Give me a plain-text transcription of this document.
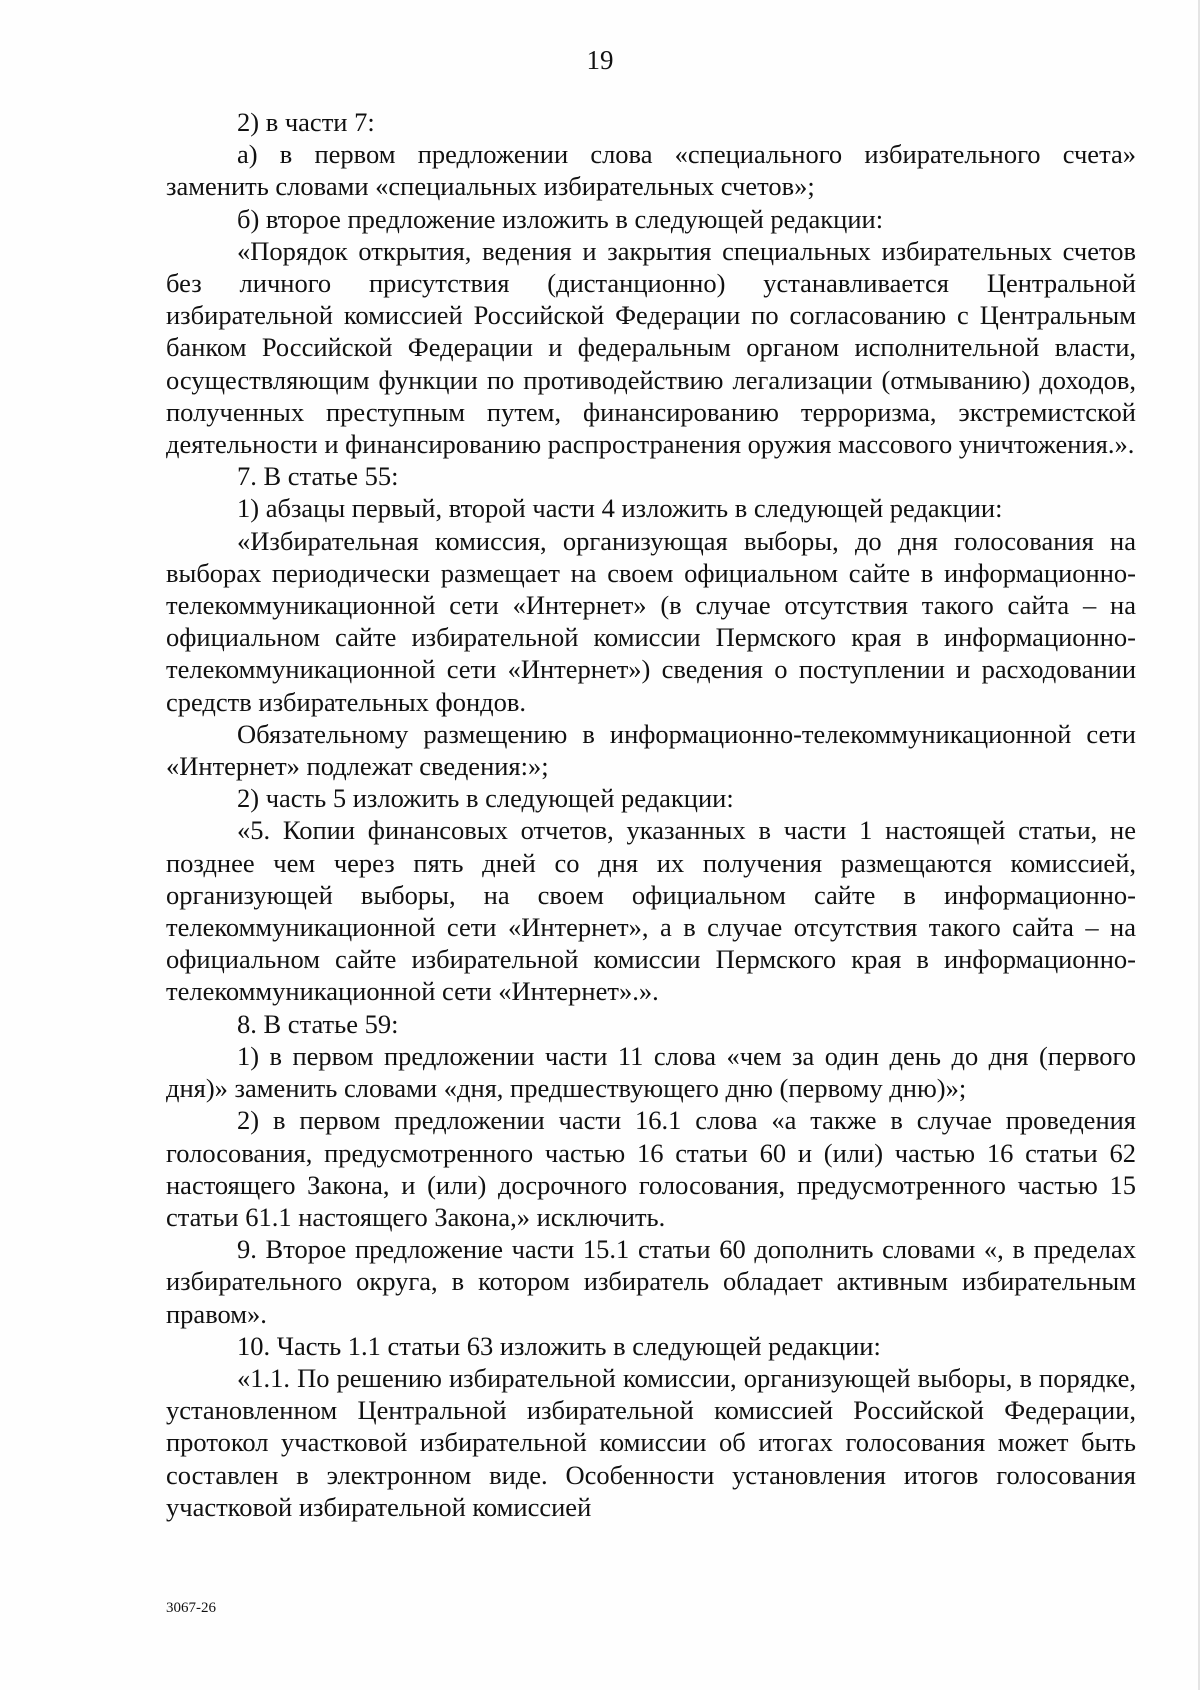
19

2) в части 7:

а) в первом предложении слова «специального избирательного счета» заменить словами «специальных избирательных счетов»;

б) второе предложение изложить в следующей редакции:

«Порядок открытия, ведения и закрытия специальных избирательных счетов без личного присутствия (дистанционно) устанавливается Центральной избирательной комиссией Российской Федерации по согласованию с Центральным банком Российской Федерации и федеральным органом исполнительной власти, осуществляющим функции по противодействию легализации (отмыванию) доходов, полученных преступным путем, финансированию терроризма, экстремистской деятельности и финансированию распространения оружия массового уничтожения.».

7. В статье 55:

1) абзацы первый, второй части 4 изложить в следующей редакции:

«Избирательная комиссия, организующая выборы, до дня голосования на выборах периодически размещает на своем официальном сайте в информационно-телекоммуникационной сети «Интернет» (в случае отсутствия такого сайта – на официальном сайте избирательной комиссии Пермского края в информационно-телекоммуникационной сети «Интернет») сведения о поступлении и расходовании средств избирательных фондов.

Обязательному размещению в информационно-телекоммуникационной сети «Интернет» подлежат сведения:»;

2) часть 5 изложить в следующей редакции:

«5. Копии финансовых отчетов, указанных в части 1 настоящей статьи, не позднее чем через пять дней со дня их получения размещаются комиссией, организующей выборы, на своем официальном сайте в информационно-телекоммуникационной сети «Интернет», а в случае отсутствия такого сайта – на официальном сайте избирательной комиссии Пермского края в информационно-телекоммуникационной сети «Интернет».».

8. В статье 59:

1) в первом предложении части 11 слова «чем за один день до дня (первого дня)» заменить словами «дня, предшествующего дню (первому дню)»;

2) в первом предложении части 16.1 слова «а также в случае проведения голосования, предусмотренного частью 16 статьи 60 и (или) частью 16 статьи 62 настоящего Закона, и (или) досрочного голосования, предусмотренного частью 15 статьи 61.1 настоящего Закона,» исключить.

9. Второе предложение части 15.1 статьи 60 дополнить словами «, в пределах избирательного округа, в котором избиратель обладает активным избирательным правом».

10. Часть 1.1 статьи 63 изложить в следующей редакции:

«1.1. По решению избирательной комиссии, организующей выборы, в порядке, установленном Центральной избирательной комиссией Российской Федерации, протокол участковой избирательной комиссии об итогах голосования может быть составлен в электронном виде. Особенности установления итогов голосования участковой избирательной комиссией

3067-26
